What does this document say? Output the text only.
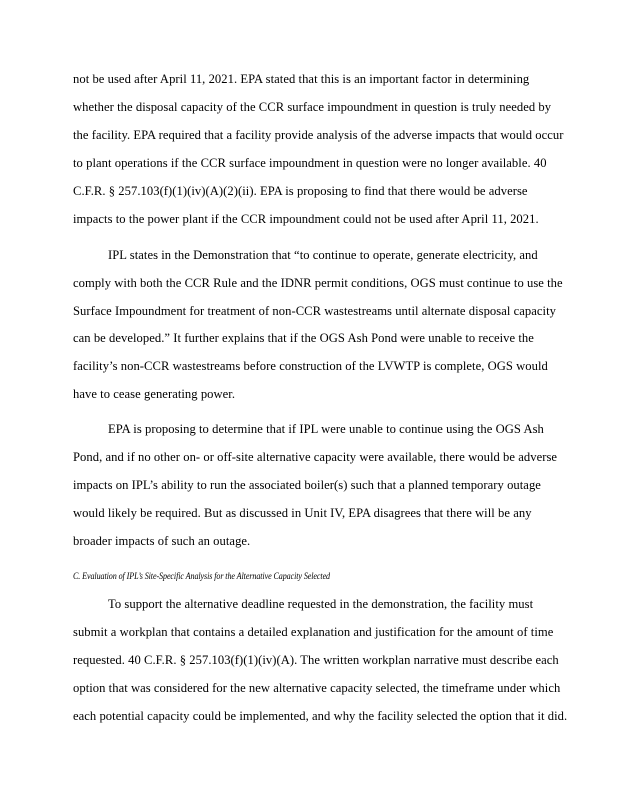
not be used after April 11, 2021. EPA stated that this is an important factor in determining
whether the disposal capacity of the CCR surface impoundment in question is truly needed by
the facility. EPA required that a facility provide analysis of the adverse impacts that would occur
to plant operations if the CCR surface impoundment in question were no longer available. 40
C.F.R. § 257.103(f)(1)(iv)(A)(2)(ii). EPA is proposing to find that there would be adverse
impacts to the power plant if the CCR impoundment could not be used after April 11, 2021.
IPL states in the Demonstration that “to continue to operate, generate electricity, and
comply with both the CCR Rule and the IDNR permit conditions, OGS must continue to use the
Surface Impoundment for treatment of non-CCR wastestreams until alternate disposal capacity
can be developed.” It further explains that if the OGS Ash Pond were unable to receive the
facility’s non-CCR wastestreams before construction of the LVWTP is complete, OGS would
have to cease generating power.
EPA is proposing to determine that if IPL were unable to continue using the OGS Ash
Pond, and if no other on- or off-site alternative capacity were available, there would be adverse
impacts on IPL’s ability to run the associated boiler(s) such that a planned temporary outage
would likely be required. But as discussed in Unit IV, EPA disagrees that there will be any
broader impacts of such an outage.
C. Evaluation of IPL’s Site-Specific Analysis for the Alternative Capacity Selected
To support the alternative deadline requested in the demonstration, the facility must
submit a workplan that contains a detailed explanation and justification for the amount of time
requested. 40 C.F.R. § 257.103(f)(1)(iv)(A). The written workplan narrative must describe each
option that was considered for the new alternative capacity selected, the timeframe under which
each potential capacity could be implemented, and why the facility selected the option that it did.
